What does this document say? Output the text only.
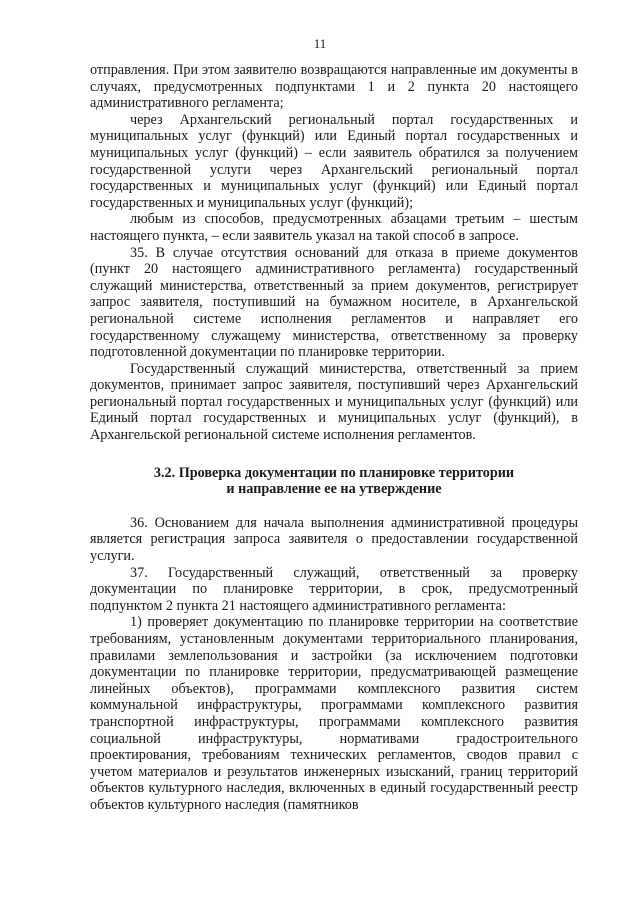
11

отправления. При этом заявителю возвращаются направленные им документы в случаях, предусмотренных подпунктами 1 и 2 пункта 20 настоящего административного регламента;

через Архангельский региональный портал государственных и муниципальных услуг (функций) или Единый портал государственных и муниципальных услуг (функций) – если заявитель обратился за получением государственной услуги через Архангельский региональный портал государственных и муниципальных услуг (функций) или Единый портал государственных и муниципальных услуг (функций);

любым из способов, предусмотренных абзацами третьим – шестым настоящего пункта, – если заявитель указал на такой способ в запросе.

35. В случае отсутствия оснований для отказа в приеме документов (пункт 20 настоящего административного регламента) государственный служащий министерства, ответственный за прием документов, регистрирует запрос заявителя, поступивший на бумажном носителе, в Архангельской региональной системе исполнения регламентов и направляет его государственному служащему министерства, ответственному за проверку подготовленной документации по планировке территории.

Государственный служащий министерства, ответственный за прием документов, принимает запрос заявителя, поступивший через Архангельский региональный портал государственных и муниципальных услуг (функций) или Единый портал государственных и муниципальных услуг (функций), в Архангельской региональной системе исполнения регламентов.

3.2. Проверка документации по планировке территории

и направление ее на утверждение

36. Основанием для начала выполнения административной процедуры является регистрация запроса заявителя о предоставлении государственной услуги.

37. Государственный служащий, ответственный за проверку документации по планировке территории, в срок, предусмотренный подпунктом 2 пункта 21 настоящего административного регламента:

1) проверяет документацию по планировке территории на соответствие требованиям, установленным документами территориального планирования, правилами землепользования и застройки (за исключением подготовки документации по планировке территории, предусматривающей размещение линейных объектов), программами комплексного развития систем коммунальной инфраструктуры, программами комплексного развития транспортной инфраструктуры, программами комплексного развития социальной инфраструктуры, нормативами градостроительного проектирования, требованиям технических регламентов, сводов правил с учетом материалов и результатов инженерных изысканий, границ территорий объектов культурного наследия, включенных в единый государственный реестр объектов культурного наследия (памятников
